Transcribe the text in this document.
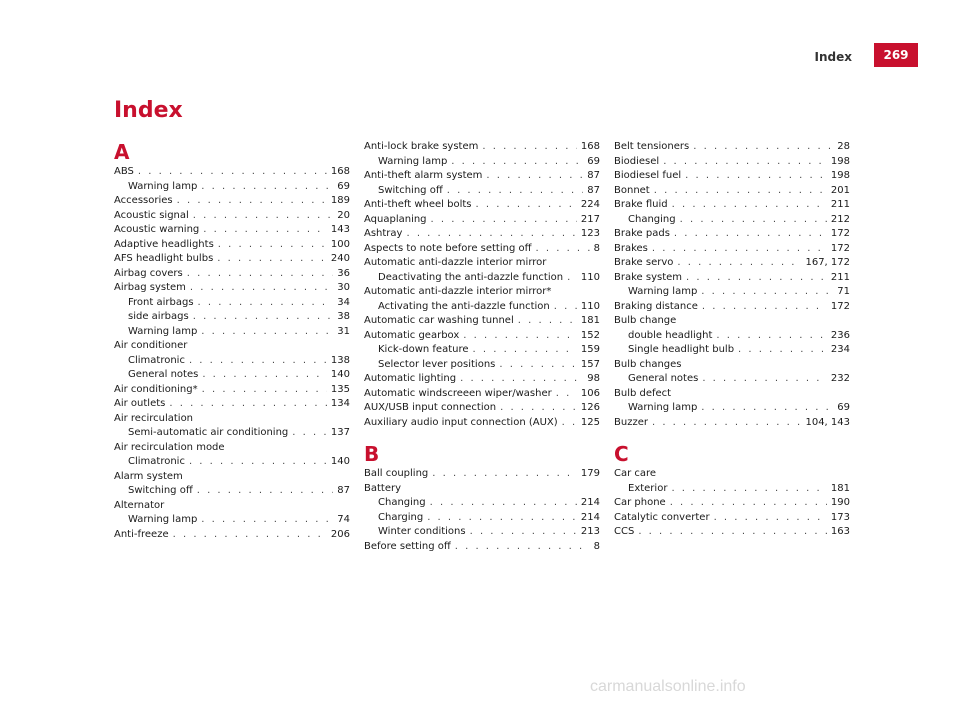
Index	269
Index
A
ABS . . .	168
Warning lamp . . .	69
Accessories . . .	189
Acoustic signal . . .	20
Acoustic warning . . .	143
Adaptive headlights . . .	100
AFS headlight bulbs . . .	240
Airbag covers . . .	36
Airbag system . . .	30
Front airbags . . .	34
side airbags . . .	38
Warning lamp . . .	31
Air conditioner
Climatronic . . .	138
General notes . . .	140
Air conditioning* . . .	135
Air outlets . . .	134
Air recirculation
Semi-automatic air conditioning . . .	137
Air recirculation mode
Climatronic . . .	140
Alarm system
Switching off . . .	87
Alternator
Warning lamp . . .	74
Anti-freeze . . .	206
Anti-lock brake system . . .	168
Warning lamp . . .	69
Anti-theft alarm system . . .	87
Switching off . . .	87
Anti-theft wheel bolts . . .	224
Aquaplaning . . .	217
Ashtray . . .	123
Aspects to note before setting off . . .	8
Automatic anti-dazzle interior mirror
Deactivating the anti-dazzle function . . . 110
Automatic anti-dazzle interior mirror*
Activating the anti-dazzle function . . .	110
Automatic car washing tunnel . . .	181
Automatic gearbox . . .	152
Kick-down feature . . .	159
Selector lever positions . . .	157
Automatic lighting . . .	98
Automatic windscreeen wiper/washer . . .	106
AUX/USB input connection . . .	126
Auxiliary audio input connection (AUX) . . . 125
B
Ball coupling . . .	179
Battery
Changing . . .	214
Charging . . .	214
Winter conditions . . .	213
Before setting off . . .	8
Belt tensioners . . .	28
Biodiesel . . .	198
Biodiesel fuel . . .	198
Bonnet . . .	201
Brake fluid . . .	211
Changing . . .	212
Brake pads . . .	172
Brakes . . .	172
Brake servo . . .	167, 172
Brake system . . .	211
Warning lamp . . .	71
Braking distance . . .	172
Bulb change
double headlight . . .	236
Single headlight bulb . . .	234
Bulb changes
General notes . . .	232
Bulb defect
Warning lamp . . .	69
Buzzer . . .	104, 143
C
Car care
Exterior . . .	181
Car phone . . .	190
Catalytic converter . . .	173
CCS . . .	163
carmanualsonline.info
